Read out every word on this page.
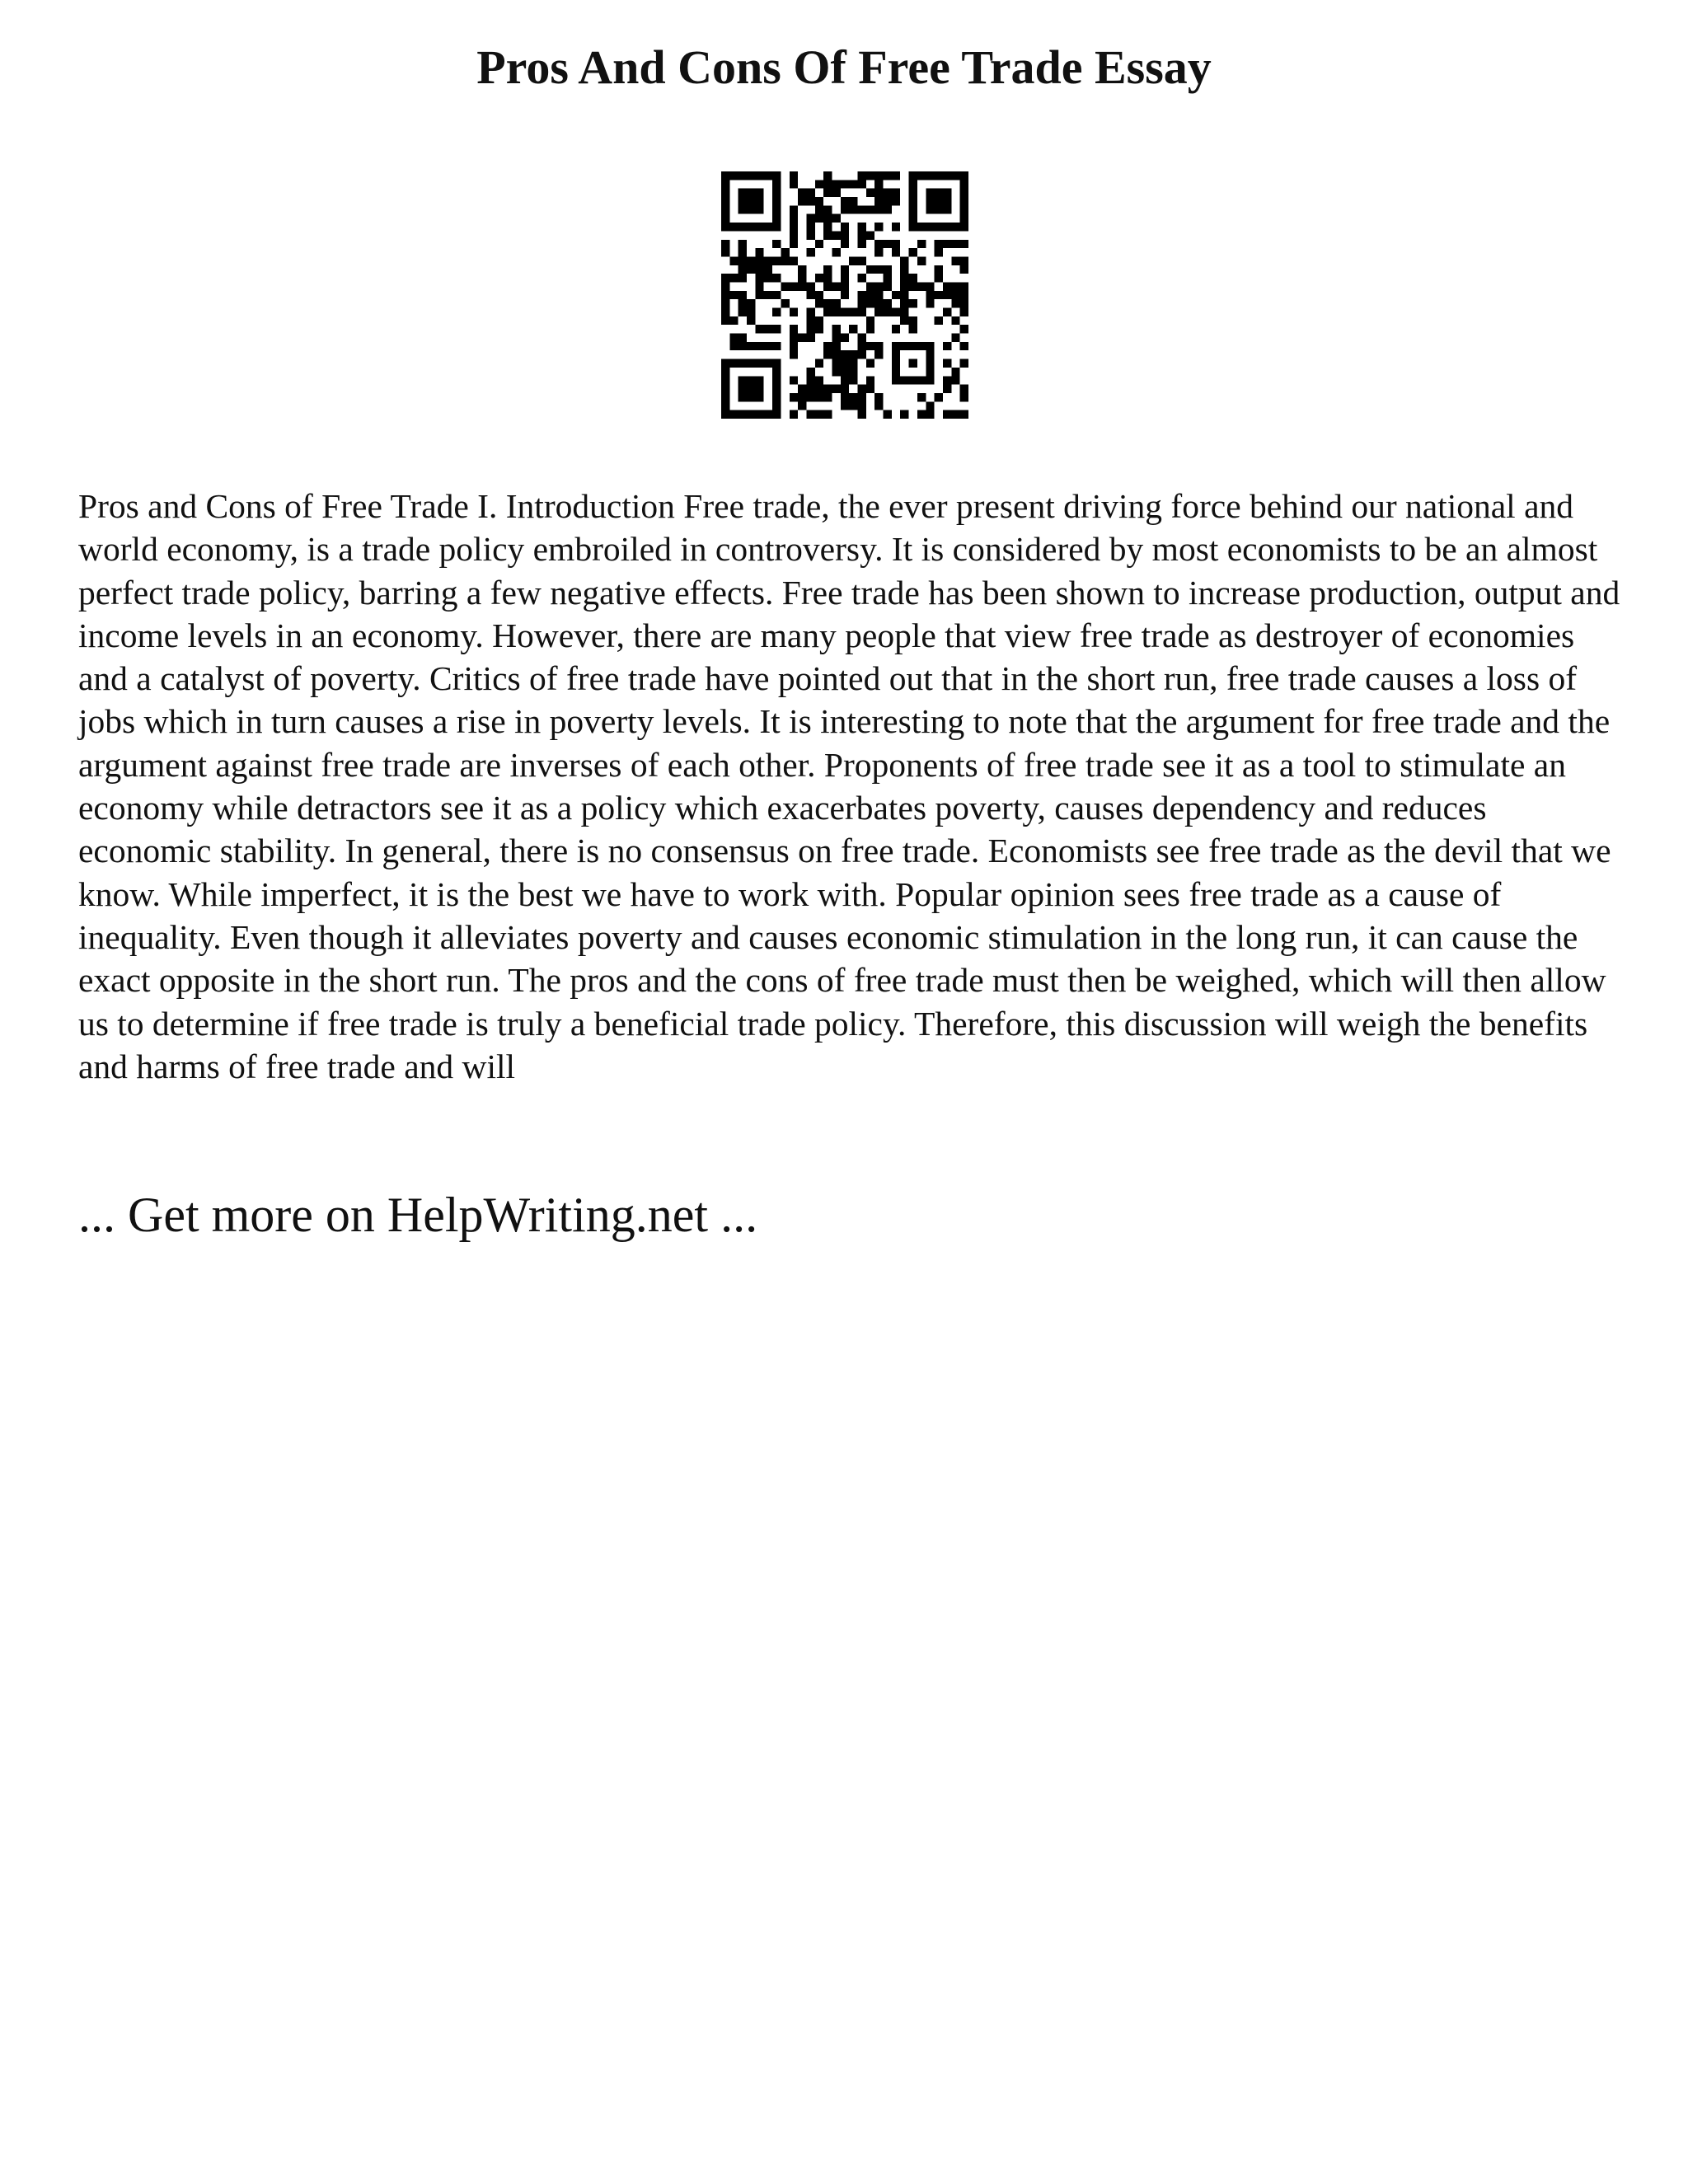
Pros And Cons Of Free Trade Essay

Pros and Cons of Free Trade I. Introduction Free trade, the ever present driving force behind our national and world economy, is a trade policy embroiled in controversy. It is considered by most economists to be an almost perfect trade policy, barring a few negative effects. Free trade has been shown to increase production, output and income levels in an economy. However, there are many people that view free trade as destroyer of economies and a catalyst of poverty. Critics of free trade have pointed out that in the short run, free trade causes a loss of jobs which in turn causes a rise in poverty levels. It is interesting to note that the argument for free trade and the argument against free trade are inverses of each other. Proponents of free trade see it as a tool to stimulate an economy while detractors see it as a policy which exacerbates poverty, causes dependency and reduces economic stability. In general, there is no consensus on free trade. Economists see free trade as the devil that we know. While imperfect, it is the best we have to work with. Popular opinion sees free trade as a cause of inequality. Even though it alleviates poverty and causes economic stimulation in the long run, it can cause the exact opposite in the short run. The pros and the cons of free trade must then be weighed, which will then allow us to determine if free trade is truly a beneficial trade policy. Therefore, this discussion will weigh the benefits and harms of free trade and will

... Get more on HelpWriting.net ...
